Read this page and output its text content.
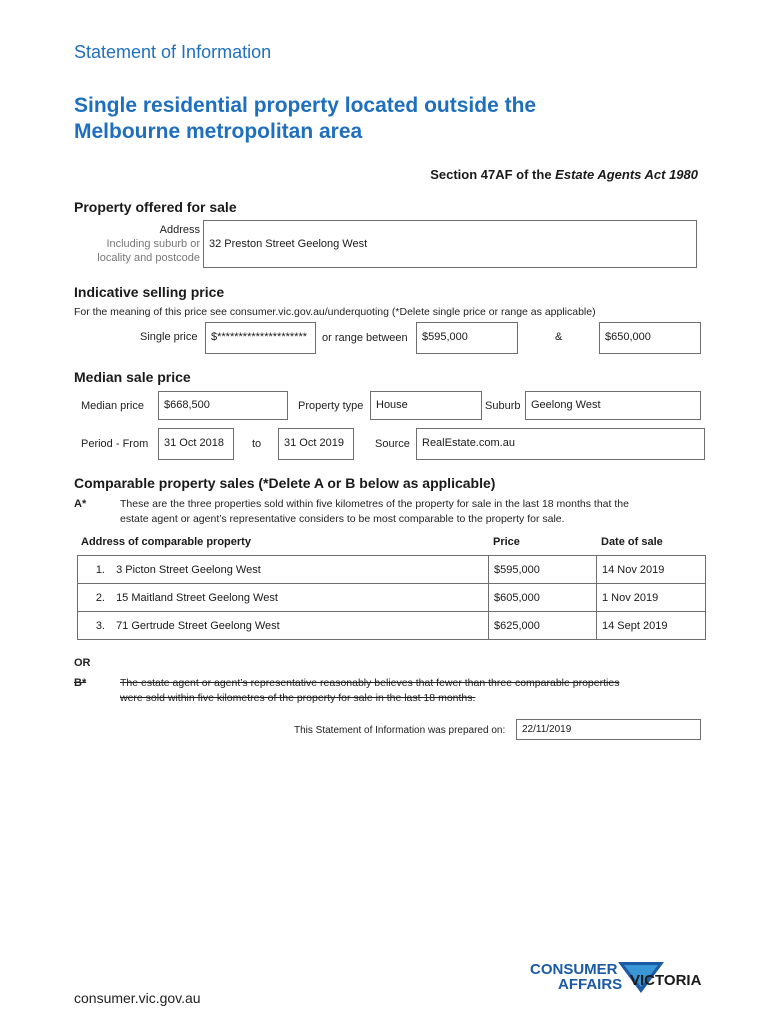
Statement of Information
Single residential property located outside the
Melbourne metropolitan area
Section 47AF of the Estate Agents Act 1980
Property offered for sale
Address
Including suburb or
locality and postcode
32 Preston Street Geelong West
Indicative selling price
For the meaning of this price see consumer.vic.gov.au/underquoting (*Delete single price or range as applicable)
Single price	$*********************	or range between	$595,000	&	$650,000
Median sale price
Median price	$668,500	Property type	House	Suburb Geelong West
Period - From	31 Oct 2018	to	31 Oct 2019	Source	RealEstate.com.au
Comparable property sales (*Delete A or B below as applicable)
A*	These are the three properties sold within five kilometres of the property for sale in the last 18 months that the
estate agent or agent’s representative considers to be most comparable to the property for sale.
Address of comparable property	Price	Date of sale
1. 3 Picton Street Geelong West	$595,000	14 Nov 2019
2. 15 Maitland Street Geelong West	$605,000	1 Nov 2019
3. 71 Gertrude Street Geelong West	$625,000	14 Sept 2019
OR
B*	The estate agent or agent’s representative reasonably believes that fewer than three comparable properties
were sold within five kilometres of the property for sale in the last 18 months.
This Statement of Information was prepared on:	22/11/2019
CONSUMER
AFFAIRS VICTORIA
consumer.vic.gov.au
